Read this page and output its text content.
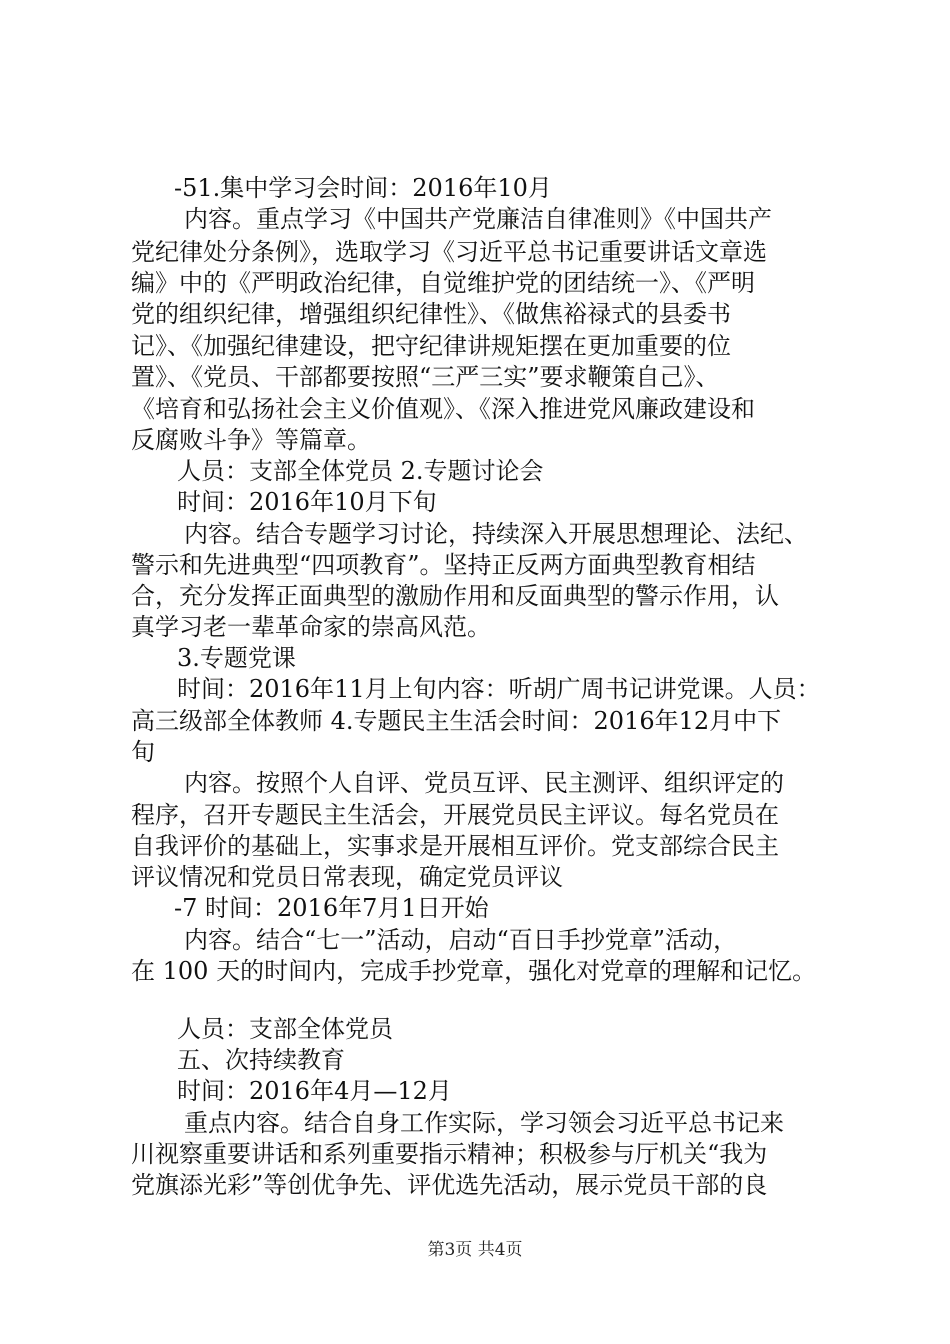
-51.集中学习会时间：2016年10月
内容。重点学习《中国共产党廉洁自律准则》《中国共产
党纪律处分条例》，选取学习《习近平总书记重要讲话文章选
编》中的《严明政治纪律，自觉维护党的团结统一》、《严明
党的组织纪律，增强组织纪律性》、《做焦裕禄式的县委书
记》、《加强纪律建设，把守纪律讲规矩摆在更加重要的位
置》、《党员、干部都要按照“三严三实”要求鞭策自己》、
《培育和弘扬社会主义价值观》、《深入推进党风廉政建设和
反腐败斗争》等篇章。
人员：支部全体党员 2.专题讨论会
时间：2016年10月下旬
内容。结合专题学习讨论，持续深入开展思想理论、法纪、
警示和先进典型“四项教育”。坚持正反两方面典型教育相结
合，充分发挥正面典型的激励作用和反面典型的警示作用，认
真学习老一辈革命家的崇高风范。
3.专题党课
时间：2016年11月上旬内容：听胡广周书记讲党课。人员：
高三级部全体教师 4.专题民主生活会时间：2016年12月中下
旬
内容。按照个人自评、党员互评、民主测评、组织评定的
程序，召开专题民主生活会，开展党员民主评议。每名党员在
自我评价的基础上，实事求是开展相互评价。党支部综合民主
评议情况和党员日常表现，确定党员评议
-7 时间：2016年7月1日开始
内容。结合“七一”活动，启动“百日手抄党章”活动，
在 100 天的时间内，完成手抄党章，强化对党章的理解和记忆。
人员：支部全体党员
五、次持续教育
时间：2016年4月—12月
重点内容。结合自身工作实际，学习领会习近平总书记来
川视察重要讲话和系列重要指示精神；积极参与厅机关“我为
党旗添光彩”等创优争先、评优选先活动，展示党员干部的良
第3页 共4页
